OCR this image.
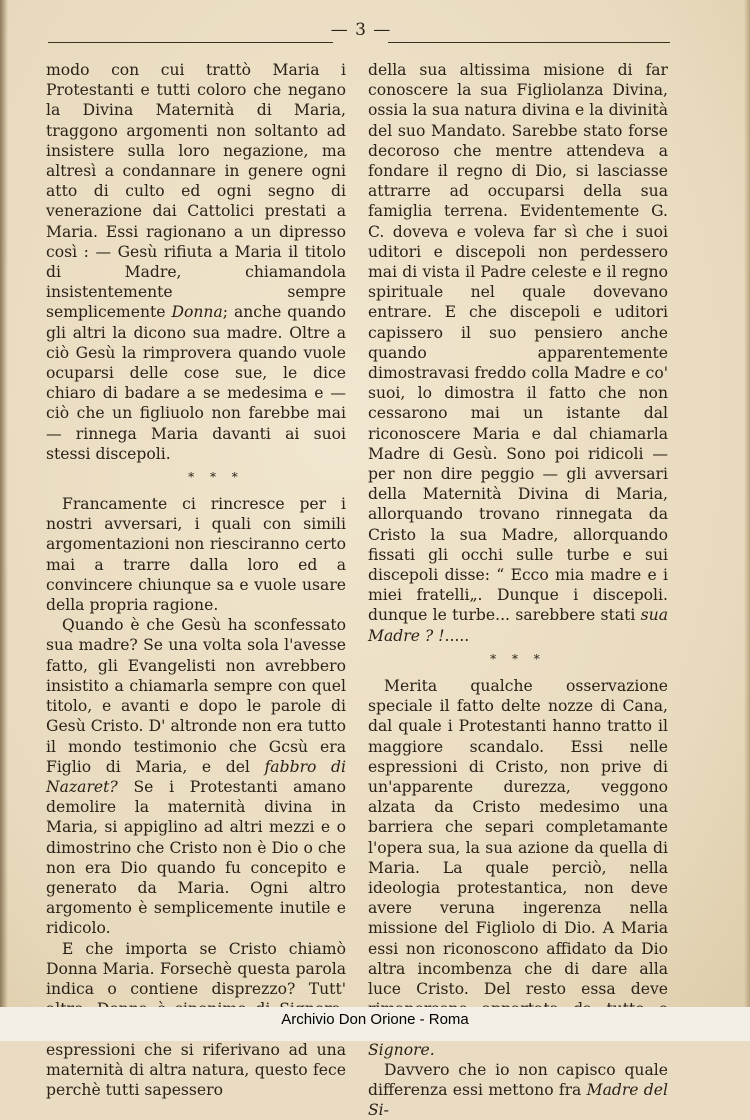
— 3 —

modo con cui trattò Maria i Protestanti e tutti coloro che negano la Divina Maternità di Maria, traggono argomenti non soltanto ad insistere sulla loro negazione, ma altresì a condannare in genere ogni atto di culto ed ogni segno di venerazione dai Cattolici prestati a Maria. Essi ragionano a un dipresso così : — Gesù rifiuta a Maria il titolo di Madre, chiamandola insistentemente sempre semplicemente Donna; anche quando gli altri la dicono sua madre. Oltre a ciò Gesù la rimprovera quando vuole ocuparsi delle cose sue, le dice chiaro di badare a se medesima e — ciò che un figliuolo non farebbe mai — rinnega Maria davanti ai suoi stessi discepoli.

* * *

Francamente ci rincresce per i nostri avversari, i quali con simili argomentazioni non riesciranno certo mai a trarre dalla loro ed a convincere chiunque sa e vuole usare della propria ragione.

Quando è che Gesù ha sconfessato sua madre? Se una volta sola l'avesse fatto, gli Evangelisti non avrebbero insistito a chiamarla sempre con quel titolo, e avanti e dopo le parole di Gesù Cristo. D' altronde non era tutto il mondo testimonio che Gcsù era Figlio di Maria, e del fabbro di Nazaret? Se i Protestanti amano demolire la maternità divina in Maria, si appiglino ad altri mezzi e o dimostrino che Cristo non è Dio o che non era Dio quando fu concepito e generato da Maria. Ogni altro argomento è semplicemente inutile e ridicolo.

E che importa se Cristo chiamò Donna Maria. Forsechè questa parola indica o contiene disprezzo? Tutt' espressioni che si riferivano ad una maternità di altra natura, questo fece perchè tutti sapessero

della sua altissima misione di far conoscere la sua Figliolanza Divina, ossia la sua natura divina e la divinità del suo Mandato. Sarebbe stato forse decoroso che mentre attendeva a fondare il regno di Dio, si lasciasse attrarre ad occuparsi della sua famiglia terrena. Evidentemente G. C. doveva e voleva far sì che i suoi uditori e discepoli non perdessero mai di vista il Padre celeste e il regno spirituale nel quale dovevano entrare. E che discepoli e uditori capissero il suo pensiero anche quando apparentemente dimostravasi freddo colla Madre e co' suoi, lo dimostra il fatto che non cessarono mai un istante dal riconoscere Maria e dal chiamarla Madre di Gesù. Sono poi ridicoli — per non dire peggio — gli avversari della Maternità Divina di Maria, allorquando trovano rinnegata da Cristo la sua Madre, allorquando fissati gli occhi sulle turbe e sui discepoli disse: “ Ecco mia madre e i miei fratelli„. Dunque i discepoli. dunque le turbe... sarebbere stati sua Madre ? !.....

* * *

Merita qualche osservazione speciale il fatto delte nozze di Cana, dal quale i Protestanti hanno tratto il maggiore scandalo. Essi nelle espressioni di Cristo, non prive di un'apparente durezza, veggono alzata da Cristo medesimo una barriera che separi completamante l'opera sua, la sua azione da quella di Maria. La quale perciò, nella ideologia protestantica, non deve avere veruna ingerenza nella missione del Figliolo di Dio. A Maria essi non riconoscono affidato da Dio altra incombenza che di dare alla luce Cristo. Del resto essa deve Signore.

Davvero che io non capisco quale differenza essi mettono fra Madre del Si-

Archivio Don Orione - Roma
